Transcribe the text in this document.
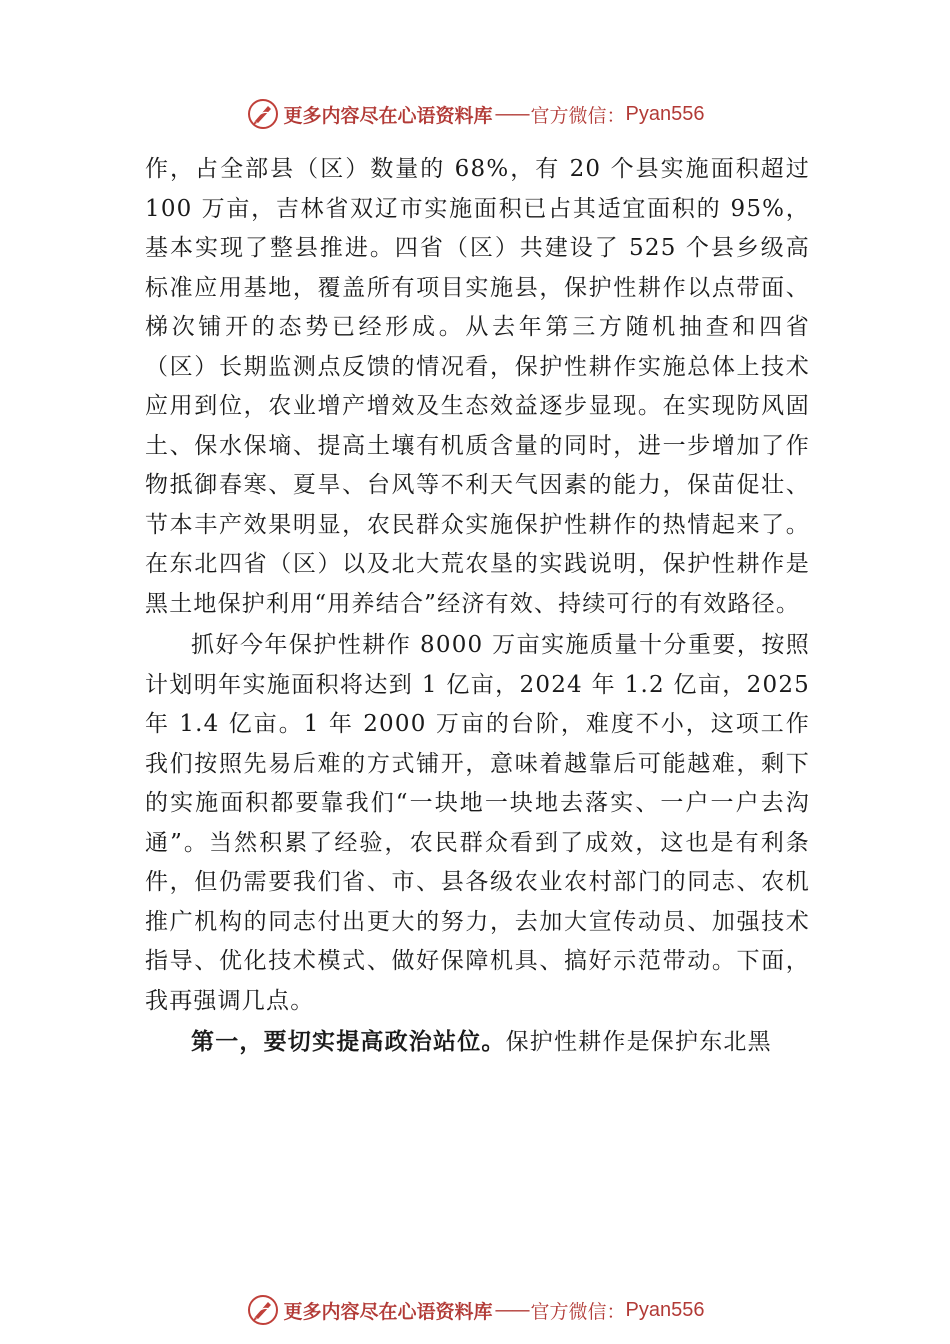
更多内容尽在心语资料库 —— 官方微信： Pyan556

作，占全部县（区）数量的 68%，有 20 个县实施面积超过 100 万亩，吉林省双辽市实施面积已占其适宜面积的 95%，基本实现了整县推进。四省（区）共建设了 525 个县乡级高标准应用基地，覆盖所有项目实施县，保护性耕作以点带面、梯次铺开的态势已经形成。从去年第三方随机抽查和四省（区）长期监测点反馈的情况看，保护性耕作实施总体上技术应用到位，农业增产增效及生态效益逐步显现。在实现防风固土、保水保墒、提高土壤有机质含量的同时，进一步增加了作物抵御春寒、夏旱、台风等不利天气因素的能力，保苗促壮、节本丰产效果明显，农民群众实施保护性耕作的热情起来了。在东北四省（区）以及北大荒农垦的实践说明，保护性耕作是黑土地保护利用“用养结合”经济有效、持续可行的有效路径。

抓好今年保护性耕作 8000 万亩实施质量十分重要，按照计划明年实施面积将达到 1 亿亩，2024 年 1.2 亿亩，2025 年 1.4 亿亩。1 年 2000 万亩的台阶，难度不小，这项工作我们按照先易后难的方式铺开，意味着越靠后可能越难，剩下的实施面积都要靠我们“一块地一块地去落实、一户一户去沟通”。当然积累了经验，农民群众看到了成效，这也是有利条件，但仍需要我们省、市、县各级农业农村部门的同志、农机推广机构的同志付出更大的努力，去加大宣传动员、加强技术指导、优化技术模式、做好保障机具、搞好示范带动。下面，我再强调几点。

第一，要切实提高政治站位。保护性耕作是保护东北黑

更多内容尽在心语资料库 —— 官方微信： Pyan556
